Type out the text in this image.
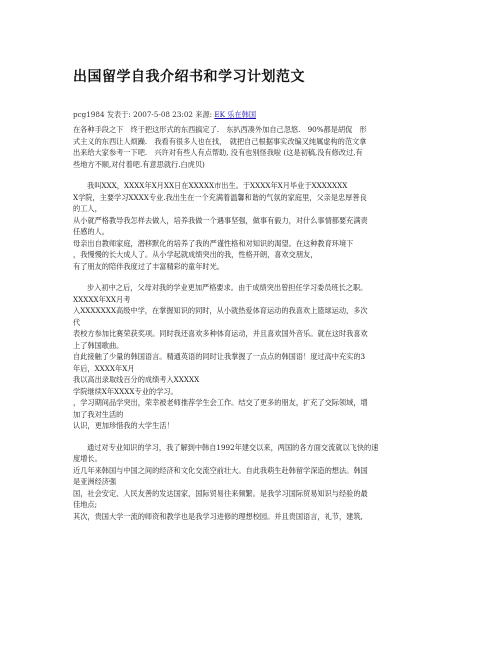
出国留学自我介绍书和学习计划范文
pcg1984 发表于: 2007-5-08 23:02 来源: EK 乐在韩国

在各种手段之下　终于把这形式的东西搞定了.　东扒西凑外加自己忽悠.　90%都是胡侃　形
式主义的东西让人烦躁.　我看有很多人也在找，　就把自己根据事实改编又纯属虚构的范文拿
出来给大家参考一下吧.　兴许对有些人有点帮助, 没有也别怪我啦 (这是初稿,没有修改过,有
些地方不顺,对付着吧.有意思就行.白虎贝)

我叫XXX，XXXX年X月XX日在XXXXX市出生。于XXXX年X月毕业于XXXXXXX
X学院，主要学习XXXX专业.我出生在一个充满着温馨和谐的气氛的家庭里，父亲是忠厚善良
的工人，
从小就严格教导我怎样去做人，培养我做一个遇事坚强，做事有毅力，对什么事情都要充满责
任感的人。
母亲出自教师家庭，潜移默化的培养了我的严谨性格和对知识的渴望。在这种教育环境下
，我慢慢的长大成人了。从小学起就成绩突出的我，性格开朗，喜欢交朋友，
有了朋友的陪伴我度过了丰富精彩的童年时光。

步入初中之后，父母对我的学业更加严格要求。由于成绩突出曾担任学习委员班长之职。
XXXXX年XX月考
入XXXXXXX高级中学，在掌握知识的同时，从小就热爱体育运动的我喜欢上篮球运动，多次
代
表校方参加比赛荣获奖项。同时我还喜欢多种体育运动，并且喜欢国外音乐。就在这时我喜欢
上了韩国歌曲。
自此接触了少量的韩国语言。精通英语的同时让我掌握了一点点的韩国语！度过高中充实的3
年后，XXXX年X月
我以高出录取线百分的成绩考入XXXXX
学院继续X年XXXX专业的学习。
，学习期间品学突出，荣幸被老师推荐学生会工作。结交了更多的朋友，扩充了交际领域，增
加了我对生活的
认识，更加珍惜我的大学生活！

通过对专业知识的学习，我了解到中韩自1992年建交以来，两国的各方面交流就以飞快的速
度增长。
近几年来韩国与中国之间的经济和文化交流空前壮大。自此我萌生赴韩留学深造的想法。韩国
是亚洲经济强
国，社会安定、人民友善的发达国家，国际贸易往来频繁。是我学习国际贸易知识与经验的最
佳地点;
其次，贵国大学一流的师资和教学也是我学习进修的理想校园。并且贵国语言，礼节，建筑,
